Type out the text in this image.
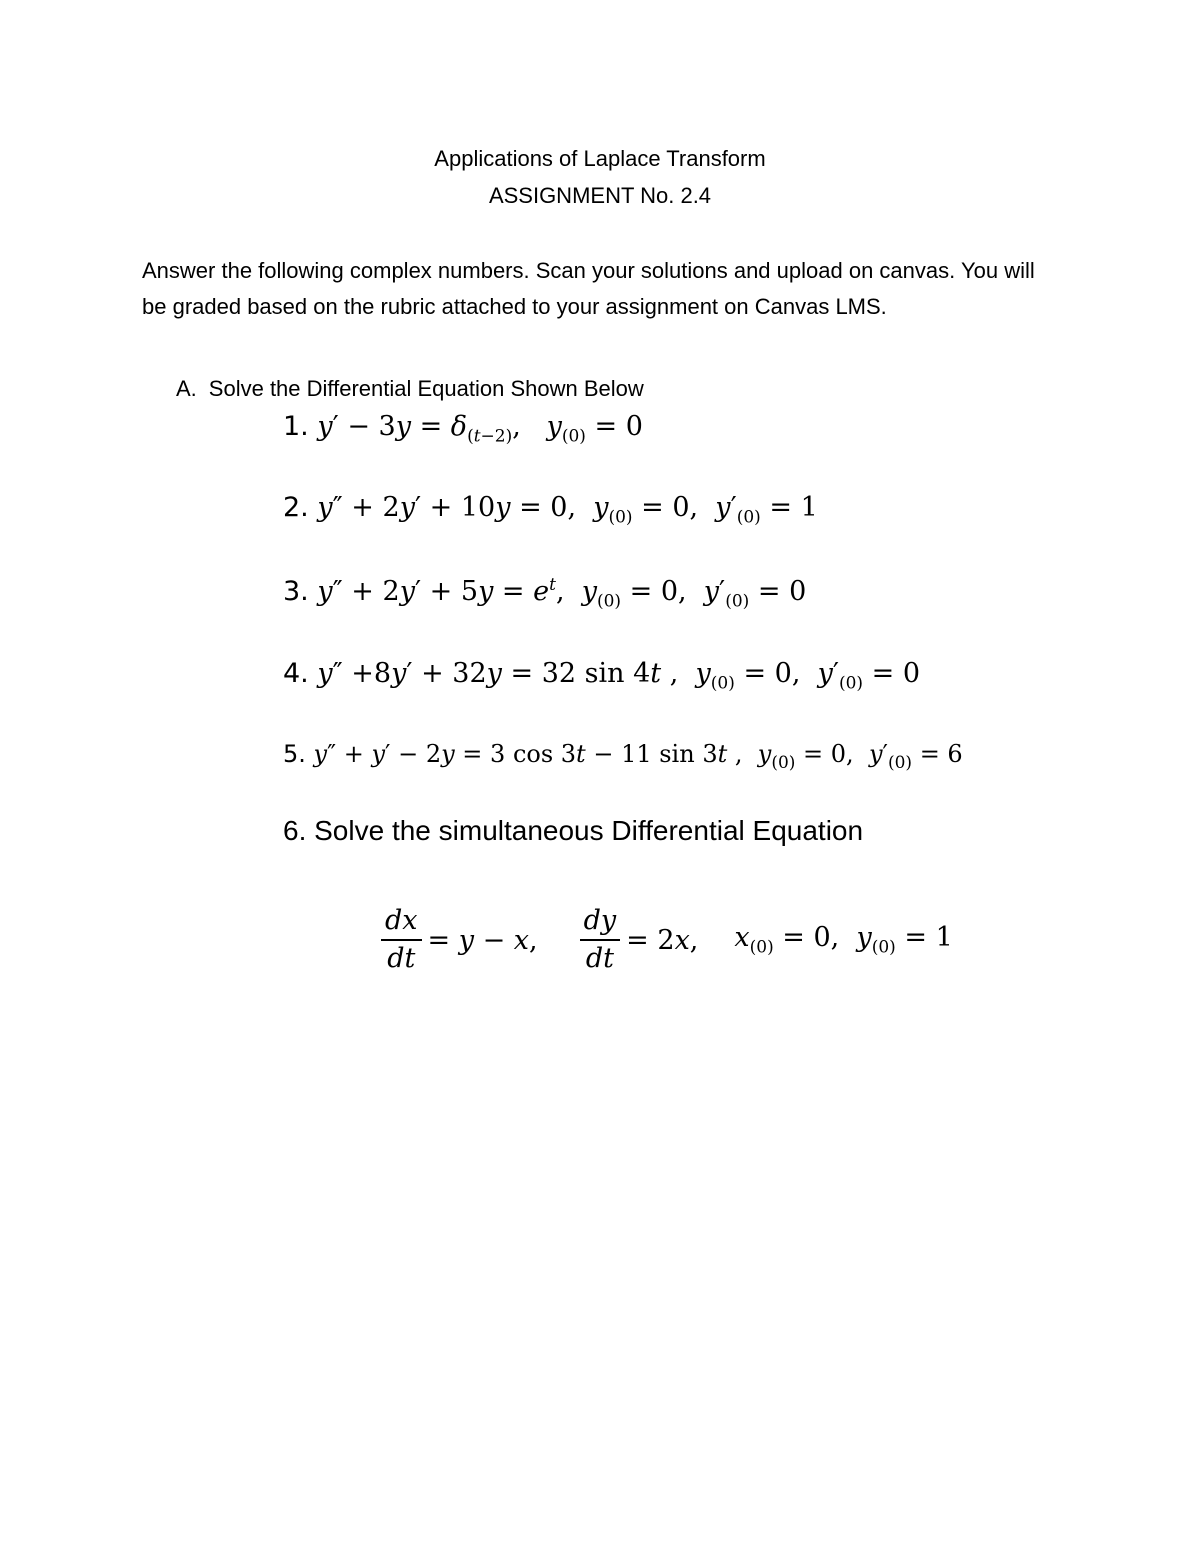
Applications of Laplace Transform
ASSIGNMENT No. 2.4
Answer the following complex numbers. Scan your solutions and upload on canvas. You will be graded based on the rubric attached to your assignment on Canvas LMS.
A. Solve the Differential Equation Shown Below
1. $y' - 3y = \delta_{(t-2)}$,   $y_{(0)} = 0$
2. y″ + 2y′ + 10y = 0,  $y_{(0)} = 0$,  $y'_{(0)} = 1$
3. $y'' + 2y' + 5y = e^t$,  $y_{(0)} = 0$,  $y'_{(0)} = 0$
4. y″ +8y′ + 32y = 32 sin 4t ,  $y_{(0)} = 0$,  $y'_{(0)} = 0$
5. y″ + y′ − 2y = 3 cos 3t − 11 sin 3t ,  $y_{(0)} = 0$,  $y'_{(0)} = 6$
6. Solve the simultaneous Differential Equation
$\frac{dx}{dt} = y - x$, $\frac{dy}{dt} = 2x$, $x_{(0)} = 0$,  $y_{(0)} = 1$
